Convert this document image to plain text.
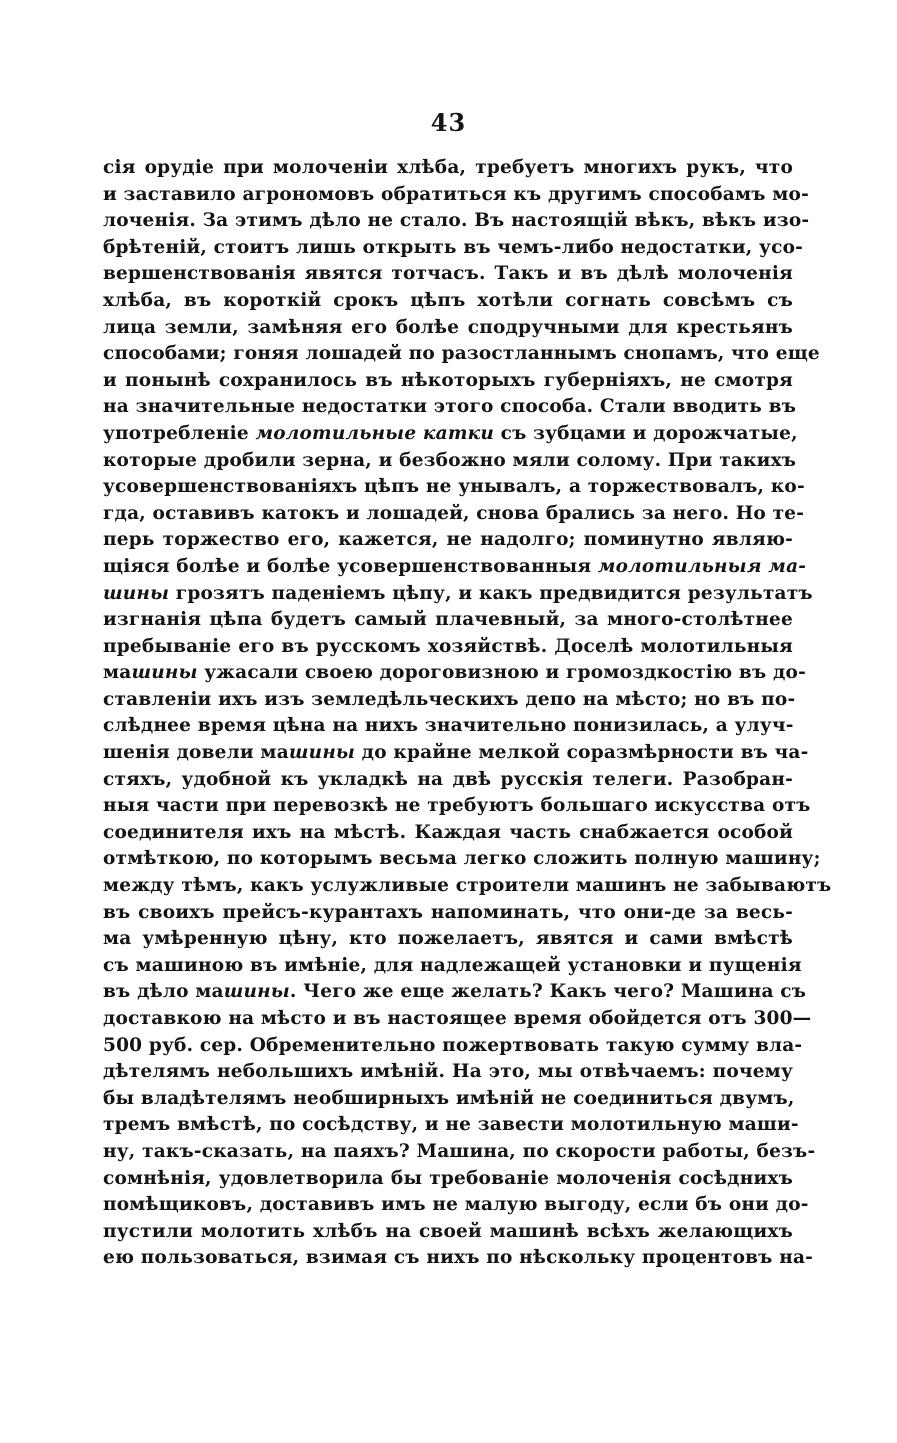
43
сія орудіе при молоченіи хлѣба, требуетъ многихъ рукъ, что
и заставило агрономовъ обратиться къ другимъ способамъ мо-
лоченія. За этимъ дѣло не стало. Въ настоящій вѣкъ, вѣкъ изо-
брѣтеній, стоитъ лишь открыть въ чемъ-либо недостатки, усо-
вершенствованія явятся тотчасъ. Такъ и въ дѣлѣ молоченія
хлѣба, въ короткій срокъ цѣпъ хотѣли согнать совсѣмъ съ
лица земли, замѣняя его болѣе сподручными для крестьянъ
способами; гоняя лошадей по разостланнымъ снопамъ, что еще
и понынѣ сохранилось въ нѣкоторыхъ губерніяхъ, не смотря
на значительные недостатки этого способа. Стали вводить въ
употребленіе молотильные катки съ зубцами и дорожчатые,
которые дробили зерна, и безбожно мяли солому. При такихъ
усовершенствованіяхъ цѣпъ не унывалъ, а торжествовалъ, ко-
гда, оставивъ катокъ и лошадей, снова брались за него. Но те-
перь торжество его, кажется, не надолго; поминутно являю-
щіяся болѣе и болѣе усовершенствованныя молотильныя ма-
шины грозятъ паденіемъ цѣпу, и какъ предвидится результатъ
изгнанія цѣпа будетъ самый плачевный, за много-столѣтнее
пребываніе его въ русскомъ хозяйствѣ. Доселѣ молотильныя
машины ужасали своею дороговизною и громоздкостію въ до-
ставленіи ихъ изъ земледѣльческихъ депо на мѣсто; но въ по-
слѣднее время цѣна на нихъ значительно понизилась, а улуч-
шенія довели машины до крайне мелкой соразмѣрности въ ча-
стяхъ, удобной къ укладкѣ на двѣ русскія телеги. Разобран-
ныя части при перевозкѣ не требуютъ большаго искусства отъ
соединителя ихъ на мѣстѣ. Каждая часть снабжается особой
отмѣткою, по которымъ весьма легко сложить полную машину;
между тѣмъ, какъ услужливые строители машинъ не забываютъ
въ своихъ прейсъ-курантахъ напоминать, что они-де за весь-
ма умѣренную цѣну, кто пожелаетъ, явятся и сами вмѣстѣ
съ машиною въ имѣніе, для надлежащей установки и пущенія
въ дѣло машины. Чего же еще желать? Какъ чего? Машина съ
доставкою на мѣсто и въ настоящее время обойдется отъ 300—
500 руб. сер. Обременительно пожертвовать такую сумму вла-
дѣтелямъ небольшихъ имѣній. На это, мы отвѣчаемъ: почему
бы владѣтелямъ необширныхъ имѣній не соединиться двумъ,
тремъ вмѣстѣ, по сосѣдству, и не завести молотильную маши-
ну, такъ-сказать, на паяхъ? Машина, по скорости работы, безъ-
сомнѣнія, удовлетворила бы требованіе молоченія сосѣднихъ
помѣщиковъ, доставивъ имъ не малую выгоду, если бъ они до-
пустили молотить хлѣбъ на своей машинѣ всѣхъ желающихъ
ею пользоваться, взимая съ нихъ по нѣскольку процентовъ на-
